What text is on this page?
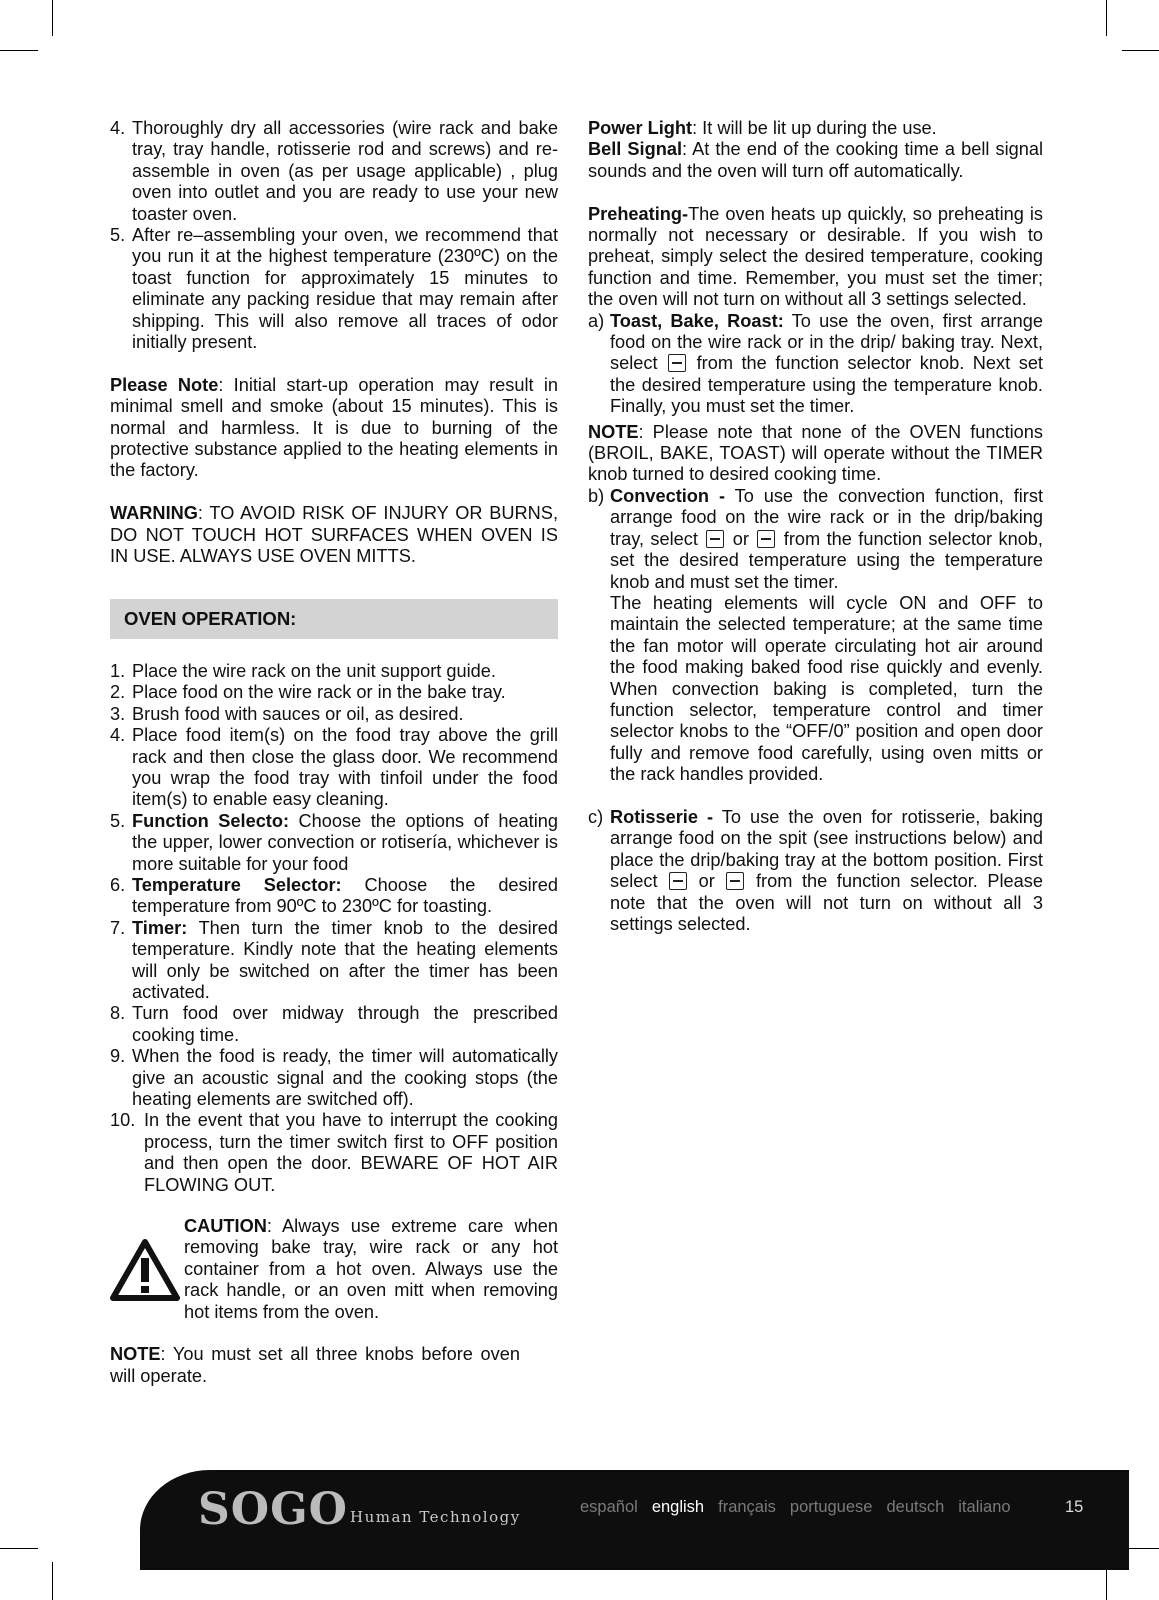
4. Thoroughly dry all accessories (wire rack and bake tray, tray handle, rotisserie rod and screws) and re-assemble in oven (as per usage applicable) , plug oven into outlet and you are ready to use your new toaster oven.
5. After re–assembling your oven, we recommend that you run it at the highest temperature (230ºC) on the toast function for approximately 15 minutes to eliminate any packing residue that may remain after shipping. This will also remove all traces of odor initially present.

Please Note: Initial start-up operation may result in minimal smell and smoke (about 15 minutes). This is normal and harmless. It is due to burning of the protective substance applied to the heating elements in the factory.

WARNING: TO AVOID RISK OF INJURY OR BURNS, DO NOT TOUCH HOT SURFACES WHEN OVEN IS IN USE. ALWAYS USE OVEN MITTS.

OVEN OPERATION:
1. Place the wire rack on the unit support guide.
2. Place food on the wire rack or in the bake tray.
3. Brush food with sauces or oil, as desired.
4. Place food item(s) on the food tray above the grill rack and then close the glass door. We recommend you wrap the food tray with tinfoil under the food item(s) to enable easy cleaning.
5. Function Selecto: Choose the options of heating the upper, lower convection or rotisería, whichever is more suitable for your food
6. Temperature Selector: Choose the desired temperature from 90ºC to 230ºC for toasting.
7. Timer: Then turn the timer knob to the desired temperature. Kindly note that the heating elements will only be switched on after the timer has been activated.
8. Turn food over midway through the prescribed cooking time.
9. When the food is ready, the timer will automatically give an acoustic signal and the cooking stops (the heating elements are switched off).
10. In the event that you have to interrupt the cooking process, turn the timer switch first to OFF position and then open the door. BEWARE OF HOT AIR FLOWING OUT.

CAUTION: Always use extreme care when removing bake tray, wire rack or any hot container from a hot oven. Always use the rack handle, or an oven mitt when removing hot items from the oven.

NOTE: You must set all three knobs before oven will operate.

Power Light: It will be lit up during the use.

Bell Signal: At the end of the cooking time a bell signal sounds and the oven will turn off automatically.

Preheating-The oven heats up quickly, so preheating is normally not necessary or desirable. If you wish to preheat, simply select the desired temperature, cooking function and time. Remember, you must set the timer; the oven will not turn on without all 3 settings selected.

a) Toast, Bake, Roast: To use the oven, first arrange food on the wire rack or in the drip/ baking tray. Next, select  from the function selector knob. Next set the desired temperature using the temperature knob. Finally, you must set the timer.

NOTE: Please note that none of the OVEN functions (BROIL, BAKE, TOAST) will operate without the TIMER knob turned to desired cooking time.

b) Convection - To use the convection function, first arrange food on the wire rack or in the drip/baking tray, select  or  from the function selector knob, set the desired temperature using the temperature knob and must set the timer.

The heating elements will cycle ON and OFF to maintain the selected temperature; at the same time the fan motor will operate circulating hot air around the food making baked food rise quickly and evenly. When convection baking is completed, turn the function selector, temperature control and timer selector knobs to the “OFF/0” position and open door fully and remove food carefully, using oven mitts or the rack handles provided.

c) Rotisserie - To use the oven for rotisserie, baking arrange food on the spit (see instructions below) and place the drip/baking tray at the bottom position. First select  or  from the function selector. Please note that the oven will not turn on without all 3 settings selected.
SOGO Human Technology
español english français portuguese deutsch italiano	15
